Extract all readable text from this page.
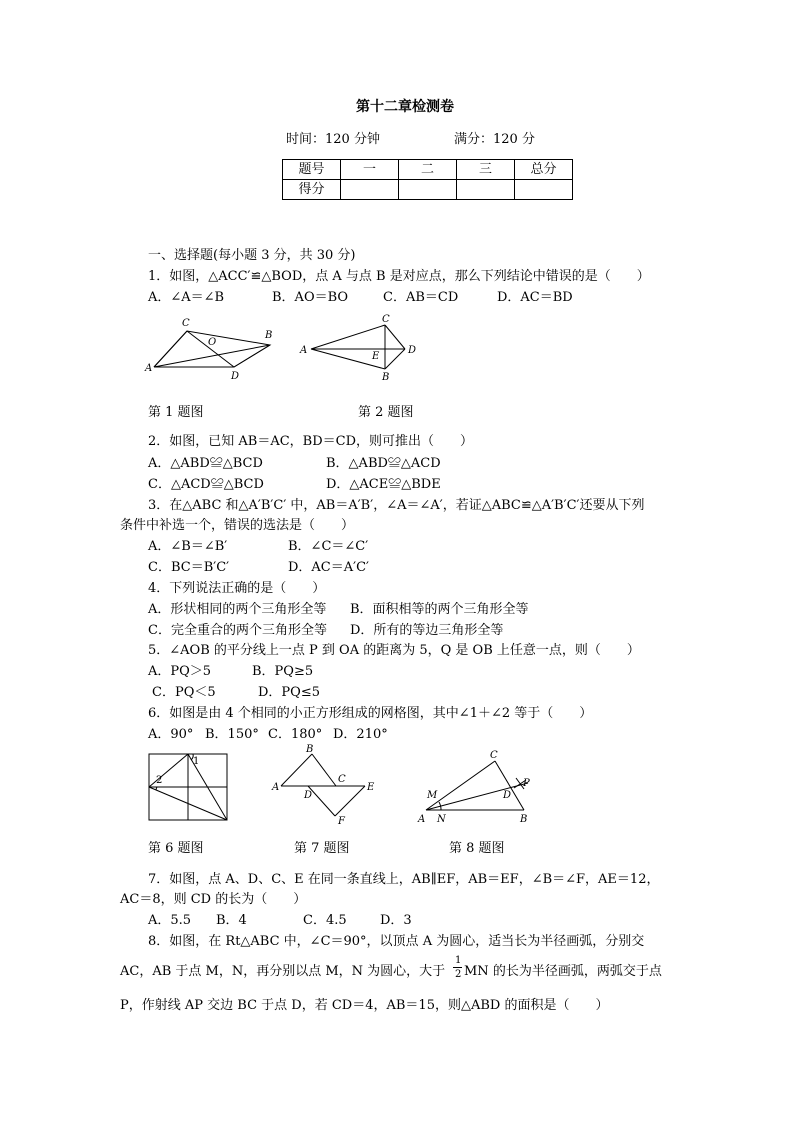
第十二章检测卷
时间：120 分钟	满分：120 分
题号	一	二	三	总分
得分				
一、选择题(每小题 3 分，共 30 分)
1．如图，△ACC′≌△BOD，点 A 与点 B 是对应点，那么下列结论中错误的是（　　）
A．∠A＝∠B	B．AO＝BO	C．AB＝CD	D．AC＝BD
C
B
O
A
D
C
A
E
D
B
第 1 题图	第 2 题图
2．如图，已知 AB＝AC，BD＝CD，则可推出（　　）
A．△ABD≌△BCD	B．△ABD≌△ACD
C．△ACD≌△BCD	D．△ACE≌△BDE
3．在△ABC 和△A′B′C′ 中，AB＝A′B′，∠A＝∠A′，若证△ABC≌△A′B′C′还要从下列
条件中补选一个，错误的选法是（　　）
A．∠B＝∠B′	B．∠C＝∠C′
C．BC＝B′C′	D．AC＝A′C′
4．下列说法正确的是（　　）
A．形状相同的两个三角形全等 B．面积相等的两个三角形全等
C．完全重合的两个三角形全等 D．所有的等边三角形全等
5．∠AOB 的平分线上一点 P 到 OA 的距离为 5，Q 是 OB 上任意一点，则（　　）
A．PQ＞5	B．PQ≥5
C．PQ＜5	D．PQ≤5
6．如图是由 4 个相同的小正方形组成的网格图，其中∠1＋∠2 等于（　　）
A．90° B．150° C．180° D．210°
1
2
B
A
D
C
E
F
C
M	D
P
A N	B
第 6 题图	第 7 题图	第 8 题图
7．如图，点 A、D、C、E 在同一条直线上，AB∥EF，AB＝EF，∠B＝∠F，AE＝12，
AC＝8，则 CD 的长为（　　）
A．5.5 B．4	C．4.5	D．3
8．如图，在 Rt△ABC 中，∠C＝90°，以顶点 A 为圆心，适当长为半径画弧，分别交
AC，AB 于点 M，N，再分别以点 M，N 为圆心，大于
1
2 MN 的长为半径画弧，两弧交于点
P，作射线 AP 交边 BC 于点 D，若 CD＝4，AB＝15，则△ABD 的面积是（　　）
